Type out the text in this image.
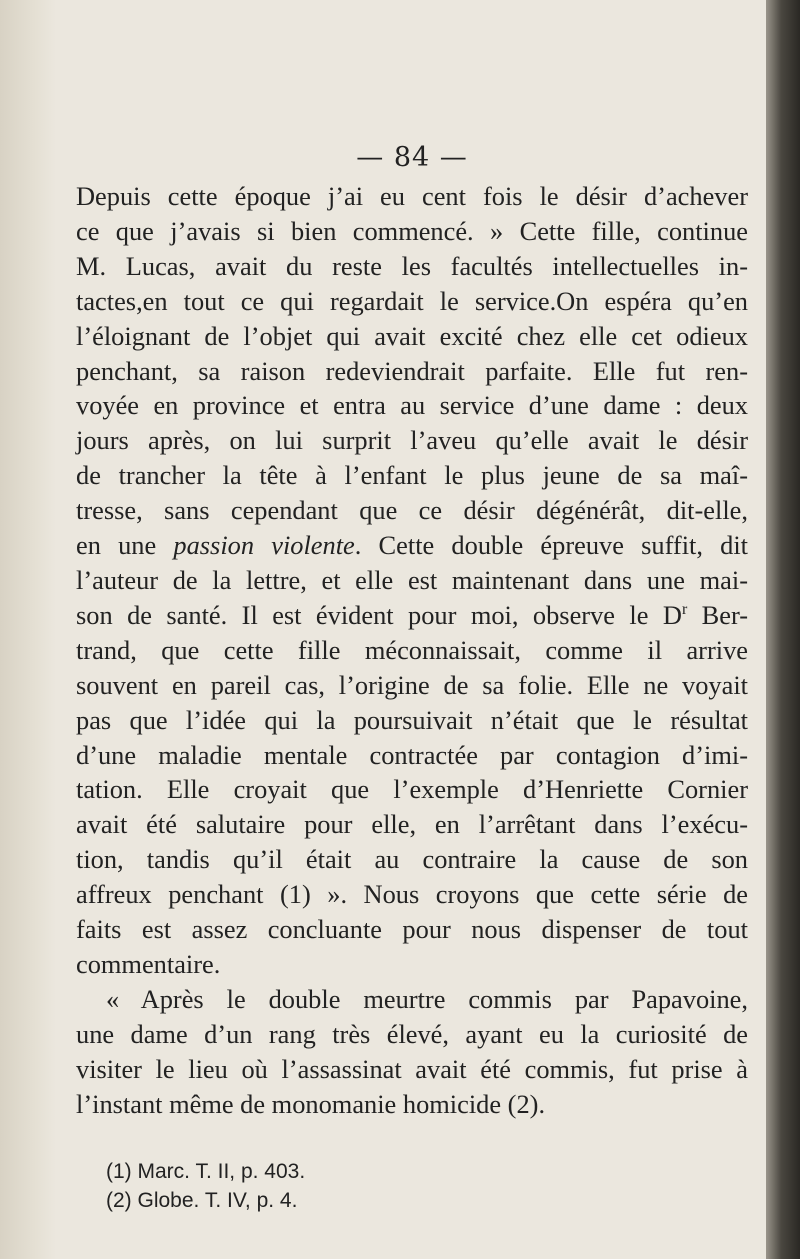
— 84 —
Depuis cette époque j’ai eu cent fois le désir d’achever
ce que j’avais si bien commencé. » Cette fille, continue
M. Lucas, avait du reste les facultés intellectuelles in-
tactes,en tout ce qui regardait le service.On espéra qu’en
l’éloignant de l’objet qui avait excité chez elle cet odieux
penchant, sa raison redeviendrait parfaite. Elle fut ren-
voyée en province et entra au service d’une dame : deux
jours après, on lui surprit l’aveu qu’elle avait le désir
de trancher la tête à l’enfant le plus jeune de sa maî-
tresse, sans cependant que ce désir dégénérât, dit-elle,
en une passion violente. Cette double épreuve suffit, dit
l’auteur de la lettre, et elle est maintenant dans une mai-
son de santé. Il est évident pour moi, observe le $D^r$ Ber-
trand, que cette fille méconnaissait, comme il arrive
souvent en pareil cas, l’origine de sa folie. Elle ne voyait
pas que l’idée qui la poursuivait n’était que le résultat
d’une maladie mentale contractée par contagion d’imi-
tation. Elle croyait que l’exemple d’Henriette Cornier
avait été salutaire pour elle, en l’arrêtant dans l’exécu-
tion, tandis qu’il était au contraire la cause de son
affreux penchant (1) ». Nous croyons que cette série de
faits est assez concluante pour nous dispenser de tout
commentaire.
« Après le double meurtre commis par Papavoine,
une dame d’un rang très élevé, ayant eu la curiosité de
visiter le lieu où l’assassinat avait été commis, fut prise à
l’instant même de monomanie homicide (2).
(1) Marc. T. II, p. 403.
(2) Globe. T. IV, p. 4.
